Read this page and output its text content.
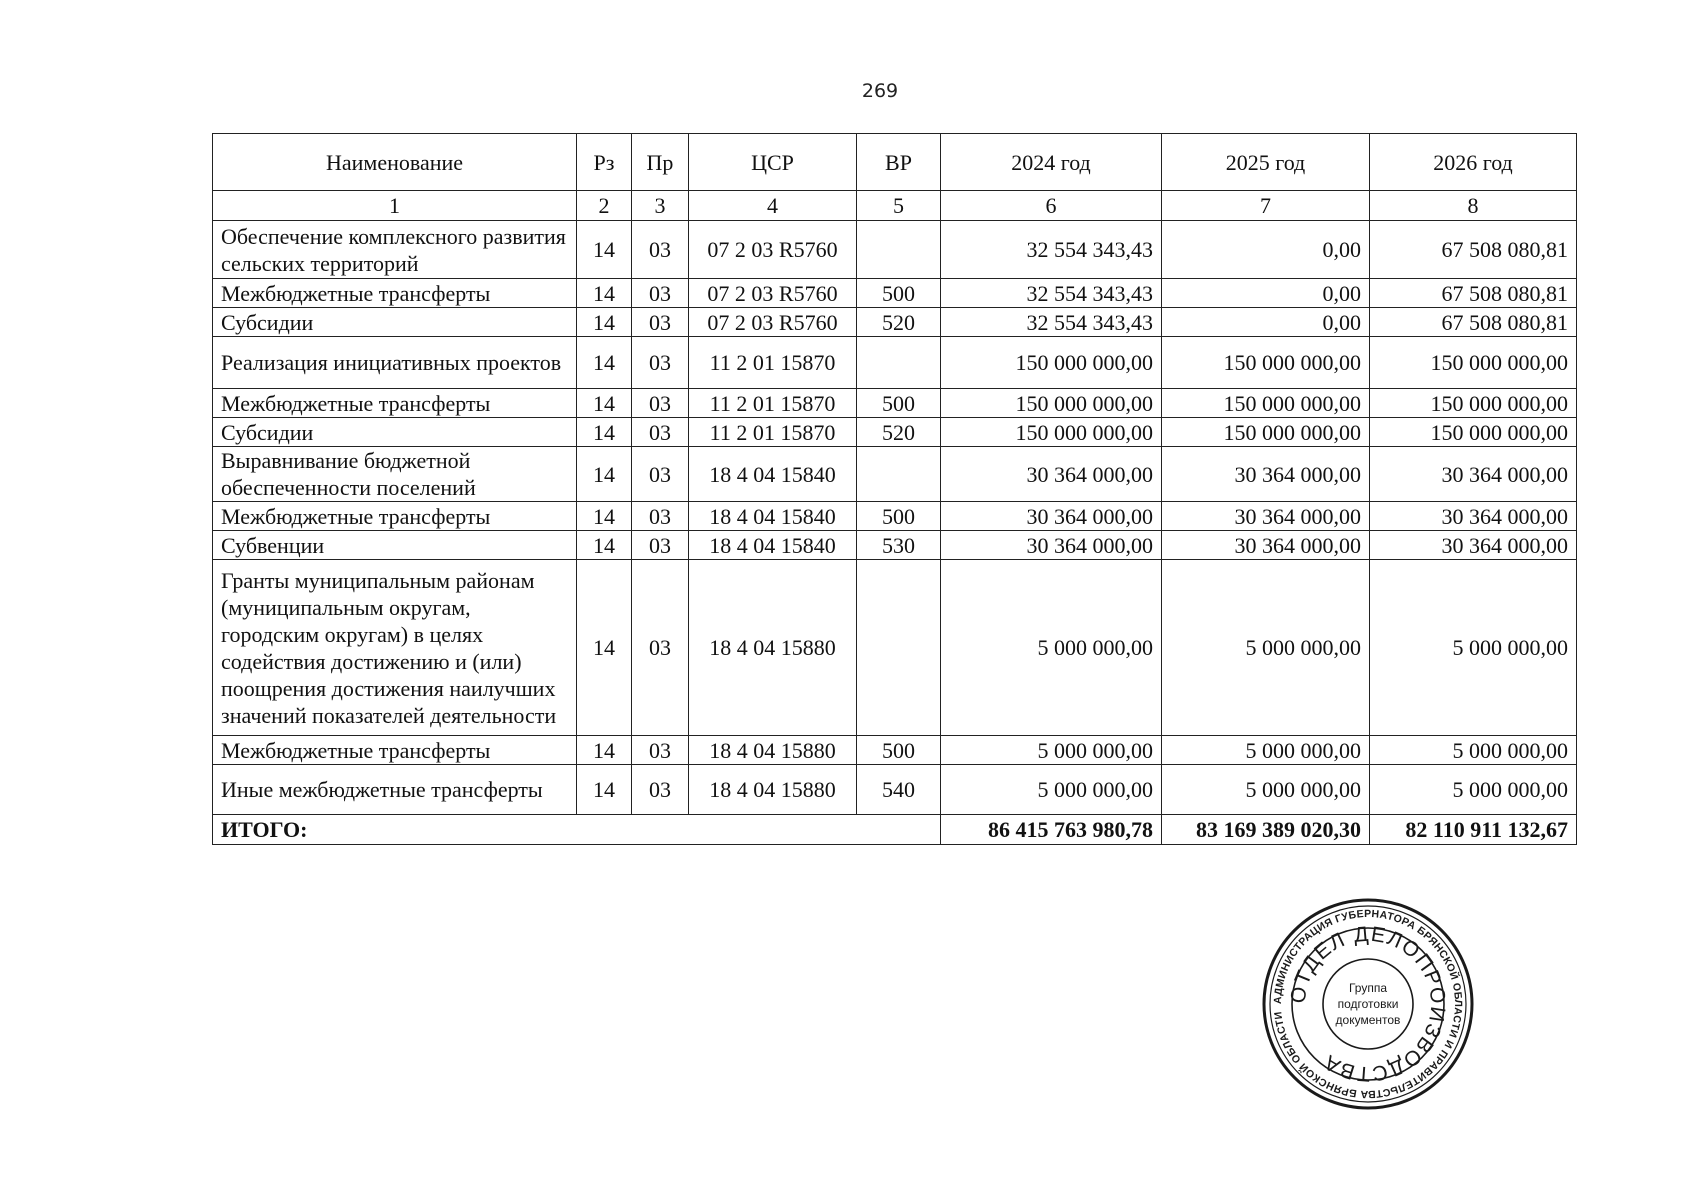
269
Наименование	Рз	Пр	ЦСР	ВР	2024 год	2025 год	2026 год
1	2	3	4	5	6	7	8
Обеспечение комплексного развития сельских территорий	14	03	07 2 03 R5760		32 554 343,43	0,00	67 508 080,81
Межбюджетные трансферты	14	03	07 2 03 R5760	500	32 554 343,43	0,00	67 508 080,81
Субсидии	14	03	07 2 03 R5760	520	32 554 343,43	0,00	67 508 080,81
Реализация инициативных проектов	14	03	11 2 01 15870		150 000 000,00	150 000 000,00	150 000 000,00
Межбюджетные трансферты	14	03	11 2 01 15870	500	150 000 000,00	150 000 000,00	150 000 000,00
Субсидии	14	03	11 2 01 15870	520	150 000 000,00	150 000 000,00	150 000 000,00
Выравнивание бюджетной обеспеченности поселений	14	03	18 4 04 15840		30 364 000,00	30 364 000,00	30 364 000,00
Межбюджетные трансферты	14	03	18 4 04 15840	500	30 364 000,00	30 364 000,00	30 364 000,00
Субвенции	14	03	18 4 04 15840	530	30 364 000,00	30 364 000,00	30 364 000,00
Гранты муниципальным районам (муниципальным округам, городским округам) в целях содействия достижению и (или) поощрения достижения наилучших значений показателей деятельности	14	03	18 4 04 15880		5 000 000,00	5 000 000,00	5 000 000,00
Межбюджетные трансферты	14	03	18 4 04 15880	500	5 000 000,00	5 000 000,00	5 000 000,00
Иные межбюджетные трансферты	14	03	18 4 04 15880	540	5 000 000,00	5 000 000,00	5 000 000,00
ИТОГО:					86 415 763 980,78	83 169 389 020,30	82 110 911 132,67
АДМИНИСТРАЦИЯ ГУБЕРНАТОРА БРЯНСКОЙ ОБЛАСТИ И ПРАВИТЕЛЬСТВА БРЯНСКОЙ ОБЛАСТИ
ОТДЕЛ ДЕЛОПРОИЗВОДСТВА
Группа
подготовки
документов
